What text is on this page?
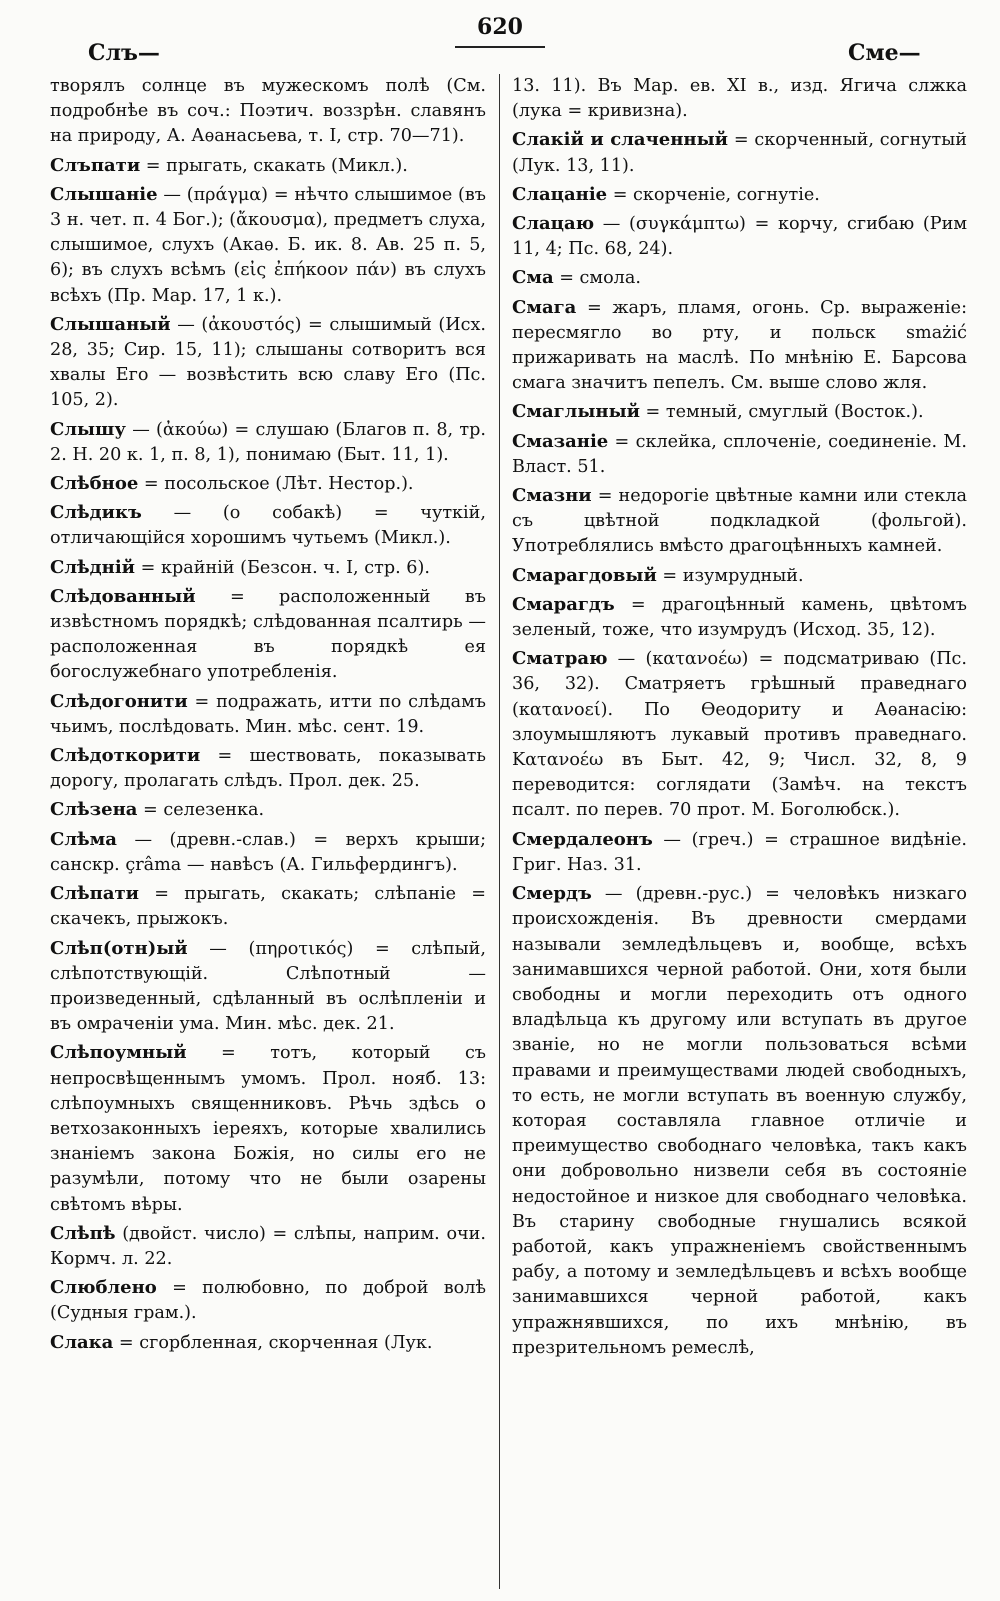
620
Слъ—	Сме—

творялъ солнце въ мужескомъ полѣ (См. подробнѣе въ соч.: Поэтич. воззрѣн. славянъ на природу, А. Аѳанасьева, т. I, стр. 70—71).

Слъпати = прыгать, скакать (Микл.).

Слышаніе — (πράγμα) = нѣчто слышимое (въ 3 н. чет. п. 4 Бог.); (ἄκουσμα), предметъ слуха, слышимое, слухъ (Акаѳ. Б. ик. 8. Ав. 25 п. 5, 6); въ слухъ всѣмъ (εἰς ἐπήκοον πάν) въ слухъ всѣхъ (Пр. Мар. 17, 1 к.).

Слышаный — (ἀκουστός) = слышимый (Исх. 28, 35; Сир. 15, 11); слышаны сотворитъ вся хвалы Его — возвѣстить всю славу Его (Пс. 105, 2).

Слышу — (ἀκούω) = слушаю (Благов п. 8, тр. 2. Н. 20 к. 1, п. 8, 1), понимаю (Быт. 11, 1).

Слѣбное = посольское (Лѣт. Нестор.).

Слѣдикъ — (о собакѣ) = чуткій, отличающійся хорошимъ чутьемъ (Микл.).

Слѣдній = крайній (Безсон. ч. I, стр. 6).

Слѣдованный = расположенный въ извѣстномъ порядкѣ; слѣдованная псалтирь — расположенная въ порядкѣ ея богослужебнаго употребленія.

Слѣдогонити = подражать, итти по слѣдамъ чьимъ, послѣдовать. Мин. мѣс. сент. 19.

Слѣдоткорити = шествовать, показывать дорогу, пролагать слѣдъ. Прол. дек. 25.

Слѣзена = селезенка.

Слѣма — (древн.-слав.) = верхъ крыши; санскр. çrâma — навѣсъ (А. Гильфердингъ).

Слѣпати = прыгать, скакать; слѣпаніе = скачекъ, прыжокъ.

Слѣп(отн)ый — (πηροτικός) = слѣпый, слѣпотствующій. Слѣпотный — произведенный, сдѣланный въ ослѣпленіи и въ омраченіи ума. Мин. мѣс. дек. 21.

Слѣпоумный = тотъ, который съ непросвѣщеннымъ умомъ. Прол. нояб. 13: слѣпоумныхъ священниковъ. Рѣчь здѣсь о ветхозаконныхъ іереяхъ, которые хвалились знаніемъ закона Божія, но силы его не разумѣли, потому что не были озарены свѣтомъ вѣры.

Слѣпѣ (двойст. число) = слѣпы, наприм. очи. Кормч. л. 22.

Слюблено = полюбовно, по доброй волѣ (Судныя грам.).

Слака = сгорбленная, скорченная (Лук.

13. 11). Въ Мар. ев. XI в., изд. Ягича слжка (лука = кривизна).

Слакій и слаченный = скорченный, согнутый (Лук. 13, 11).

Слацаніе = скорченіе, согнутіе.

Слацаю — (συγκάμπτω) = корчу, сгибаю (Рим 11, 4; Пс. 68, 24).

Сма = смола.

Смага = жаръ, пламя, огонь. Ср. выраженіе: пересмягло во рту, и польск smażić прижаривать на маслѣ. По мнѣнію Е. Барсова смага значитъ пепелъ. См. выше слово жля.

Смаглыный = темный, смуглый (Восток.).

Смазаніе = склейка, сплоченіе, соединеніе. М. Власт. 51.

Смазни = недорогіе цвѣтные камни или стекла съ цвѣтной подкладкой (фольгой). Употреблялись вмѣсто драгоцѣнныхъ камней.

Смарагдовый = изумрудный.

Смарагдъ = драгоцѣнный камень, цвѣтомъ зеленый, тоже, что изумрудъ (Исход. 35, 12).

Сматраю — (κατανοέω) = подсматриваю (Пс. 36, 32). Сматряетъ грѣшный праведнаго (κατανοεί). По Ѳеодориту и Аѳанасію: злоумышляютъ лукавый противъ праведнаго. Κατανοέω въ Быт. 42, 9; Числ. 32, 8, 9 переводится: соглядати (Замѣч. на текстъ псалт. по перев. 70 прот. М. Боголюбск.).

Смердалеонъ — (греч.) = страшное видѣніе. Григ. Наз. 31.

Смердъ — (древн.-рус.) = человѣкъ низкаго происхожденія. Въ древности смердами называли земледѣльцевъ и, вообще, всѣхъ занимавшихся черной работой. Они, хотя были свободны и могли переходить отъ одного владѣльца къ другому или вступать въ другое званіе, но не могли пользоваться всѣми правами и преимуществами людей свободныхъ, то есть, не могли вступать въ военную службу, которая составляла главное отличіе и преимущество свободнаго человѣка, такъ какъ они добровольно низвели себя въ состояніе недостойное и низкое для свободнаго человѣка. Въ старину свободные гнушались всякой работой, какъ упражненіемъ свойственнымъ рабу, а потому и земледѣльцевъ и всѣхъ вообще занимавшихся черной работой, какъ упражнявшихся, по ихъ мнѣнію, въ презрительномъ ремеслѣ,
